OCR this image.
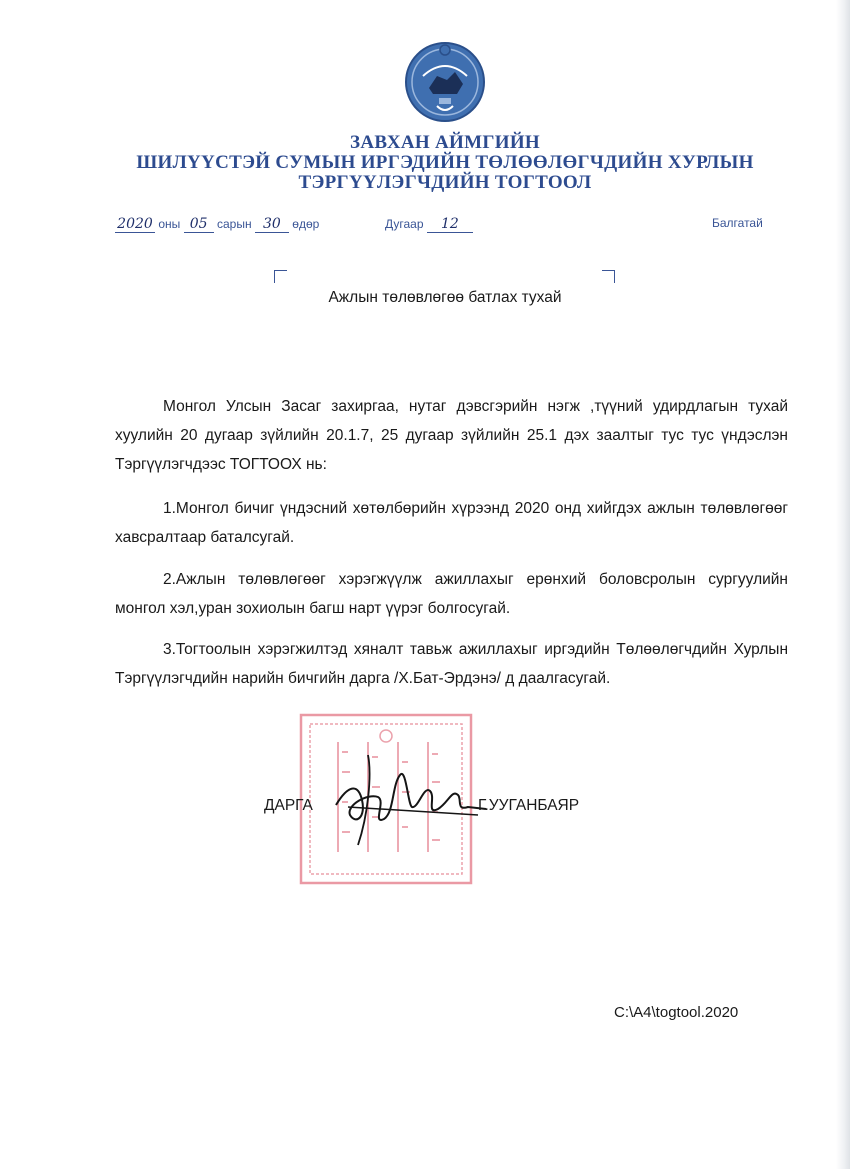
ЗАВХАН АЙМГИЙН
ШИЛҮҮСТЭЙ СУМЫН ИРГЭДИЙН ТӨЛӨӨЛӨГЧДИЙН ХУРЛЫН
ТЭРГҮҮЛЭГЧДИЙН ТОГТООЛ
2020 оны 05 сарын 30 өдөр	Дугаар 12	Балгатай
Ажлын төлөвлөгөө батлах тухай

Монгол Улсын Засаг захиргаа, нутаг дэвсгэрийн нэгж ,түүний удирдлагын тухай хуулийн 20 дугаар зүйлийн 20.1.7, 25 дугаар зүйлийн 25.1 дэх заалтыг тус тус үндэслэн Тэргүүлэгчдээс ТОГТООХ нь:

1.Монгол бичиг үндэсний хөтөлбөрийн хүрээнд 2020 онд хийгдэх ажлын төлөвлөгөөг хавсралтаар баталсугай.

2.Ажлын төлөвлөгөөг хэрэгжүүлж ажиллахыг ерөнхий боловсролын сургуулийн монгол хэл,уран зохиолын багш нарт үүрэг болгосугай.

3.Тогтоолын хэрэгжилтэд хяналт тавьж ажиллахыг иргэдийн Төлөөлөгчдийн Хурлын Тэргүүлэгчдийн нарийн бичгийн дарга /Х.Бат-Эрдэнэ/ д даалгасугай.

ДАРГА	Г.УУГАНБАЯР
C:\A4\togtool.2020
